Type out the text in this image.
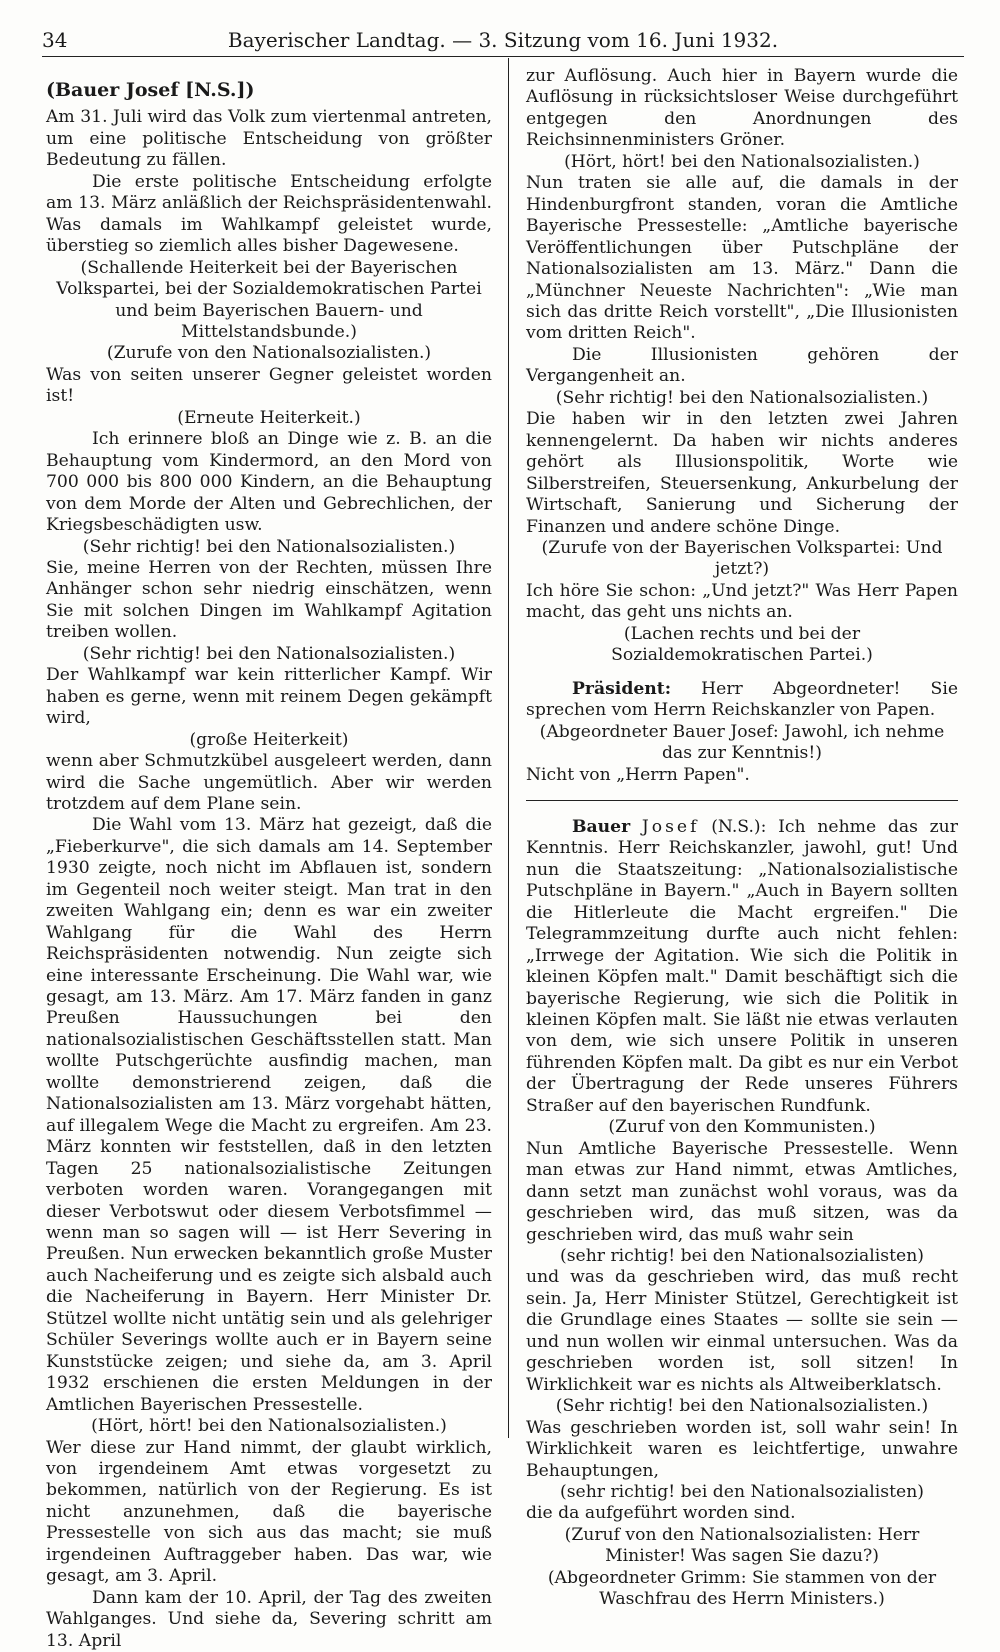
34	Bayerischer Landtag. — 3. Sitzung vom 16. Juni 1932.

(Bauer Josef [N.S.])

Am 31. Juli wird das Volk zum viertenmal antreten, um eine politische Entscheidung von größter Bedeutung zu fällen.

Die erste politische Entscheidung erfolgte am 13. März anläßlich der Reichspräsidentenwahl. Was damals im Wahlkampf geleistet wurde, überstieg so ziemlich alles bisher Dagewesene.

(Schallende Heiterkeit bei der Bayerischen Volkspartei, bei der Sozialdemokratischen Partei und beim Bayerischen Bauern- und Mittelstandsbunde.)

(Zurufe von den Nationalsozialisten.)

Was von seiten unserer Gegner geleistet worden ist!

(Erneute Heiterkeit.)

Ich erinnere bloß an Dinge wie z. B. an die Behauptung vom Kindermord, an den Mord von 700 000 bis 800 000 Kindern, an die Behauptung von dem Morde der Alten und Gebrechlichen, der Kriegsbeschädigten usw.

(Sehr richtig! bei den Nationalsozialisten.)

Sie, meine Herren von der Rechten, müssen Ihre Anhänger schon sehr niedrig einschätzen, wenn Sie mit solchen Dingen im Wahlkampf Agitation treiben wollen.

(Sehr richtig! bei den Nationalsozialisten.)

Der Wahlkampf war kein ritterlicher Kampf. Wir haben es gerne, wenn mit reinem Degen gekämpft wird,

(große Heiterkeit)

wenn aber Schmutzkübel ausgeleert werden, dann wird die Sache ungemütlich. Aber wir werden trotzdem auf dem Plane sein.

Die Wahl vom 13. März hat gezeigt, daß die „Fieberkurve", die sich damals am 14. September 1930 zeigte, noch nicht im Abflauen ist, sondern im Gegenteil noch weiter steigt. Man trat in den zweiten Wahlgang ein; denn es war ein zweiter Wahlgang für die Wahl des Herrn Reichspräsidenten notwendig. Nun zeigte sich eine interessante Erscheinung. Die Wahl war, wie gesagt, am 13. März. Am 17. März fanden in ganz Preußen Haussuchungen bei den nationalsozialistischen Geschäftsstellen statt. Man wollte Putschgerüchte ausfindig machen, man wollte demonstrierend zeigen, daß die Nationalsozialisten am 13. März vorgehabt hätten, auf illegalem Wege die Macht zu ergreifen. Am 23. März konnten wir feststellen, daß in den letzten Tagen 25 nationalsozialistische Zeitungen verboten worden waren. Vorangegangen mit dieser Verbotswut oder diesem Verbotsfimmel — wenn man so sagen will — ist Herr Severing in Preußen. Nun erwecken bekanntlich große Muster auch Nacheiferung und es zeigte sich alsbald auch die Nacheiferung in Bayern. Herr Minister Dr. Stützel wollte nicht untätig sein und als gelehriger Schüler Severings wollte auch er in Bayern seine Kunststücke zeigen; und siehe da, am 3. April 1932 erschienen die ersten Meldungen in der Amtlichen Bayerischen Pressestelle.

(Hört, hört! bei den Nationalsozialisten.)

Wer diese zur Hand nimmt, der glaubt wirklich, von irgendeinem Amt etwas vorgesetzt zu bekommen, natürlich von der Regierung. Es ist nicht anzunehmen, daß die bayerische Pressestelle von sich aus das macht; sie muß irgendeinen Auftraggeber haben. Das war, wie gesagt, am 3. April.

Dann kam der 10. April, der Tag des zweiten Wahlganges. Und siehe da, Severing schritt am 13. April

zur Auflösung. Auch hier in Bayern wurde die Auflösung in rücksichtsloser Weise durchgeführt entgegen den Anordnungen des Reichsinnenministers Gröner.

(Hört, hört! bei den Nationalsozialisten.)

Nun traten sie alle auf, die damals in der Hindenburgfront standen, voran die Amtliche Bayerische Pressestelle: „Amtliche bayerische Veröffentlichungen über Putschpläne der Nationalsozialisten am 13. März." Dann die „Münchner Neueste Nachrichten": „Wie man sich das dritte Reich vorstellt", „Die Illusionisten vom dritten Reich".

Die Illusionisten gehören der Vergangenheit an.

(Sehr richtig! bei den Nationalsozialisten.)

Die haben wir in den letzten zwei Jahren kennengelernt. Da haben wir nichts anderes gehört als Illusionspolitik, Worte wie Silberstreifen, Steuersenkung, Ankurbelung der Wirtschaft, Sanierung und Sicherung der Finanzen und andere schöne Dinge.

(Zurufe von der Bayerischen Volkspartei: Und jetzt?)

Ich höre Sie schon: „Und jetzt?" Was Herr Papen macht, das geht uns nichts an.

(Lachen rechts und bei der Sozialdemokratischen Partei.)

Präsident: Herr Abgeordneter! Sie sprechen vom Herrn Reichskanzler von Papen.

(Abgeordneter Bauer Josef: Jawohl, ich nehme das zur Kenntnis!)

Nicht von „Herrn Papen".

Bauer Josef (N.S.): Ich nehme das zur Kenntnis. Herr Reichskanzler, jawohl, gut! Und nun die Staatszeitung: „Nationalsozialistische Putschpläne in Bayern." „Auch in Bayern sollten die Hitlerleute die Macht ergreifen." Die Telegrammzeitung durfte auch nicht fehlen: „Irrwege der Agitation. Wie sich die Politik in kleinen Köpfen malt." Damit beschäftigt sich die bayerische Regierung, wie sich die Politik in kleinen Köpfen malt. Sie läßt nie etwas verlauten von dem, wie sich unsere Politik in unseren führenden Köpfen malt. Da gibt es nur ein Verbot der Übertragung der Rede unseres Führers Straßer auf den bayerischen Rundfunk.

(Zuruf von den Kommunisten.)

Nun Amtliche Bayerische Pressestelle. Wenn man etwas zur Hand nimmt, etwas Amtliches, dann setzt man zunächst wohl voraus, was da geschrieben wird, das muß sitzen, was da geschrieben wird, das muß wahr sein

(sehr richtig! bei den Nationalsozialisten)

und was da geschrieben wird, das muß recht sein. Ja, Herr Minister Stützel, Gerechtigkeit ist die Grundlage eines Staates — sollte sie sein — und nun wollen wir einmal untersuchen. Was da geschrieben worden ist, soll sitzen! In Wirklichkeit war es nichts als Altweiberklatsch.

(Sehr richtig! bei den Nationalsozialisten.)

Was geschrieben worden ist, soll wahr sein! In Wirklichkeit waren es leichtfertige, unwahre Behauptungen,

(sehr richtig! bei den Nationalsozialisten)

die da aufgeführt worden sind.

(Zuruf von den Nationalsozialisten: Herr Minister! Was sagen Sie dazu?)

(Abgeordneter Grimm: Sie stammen von der Waschfrau des Herrn Ministers.)
